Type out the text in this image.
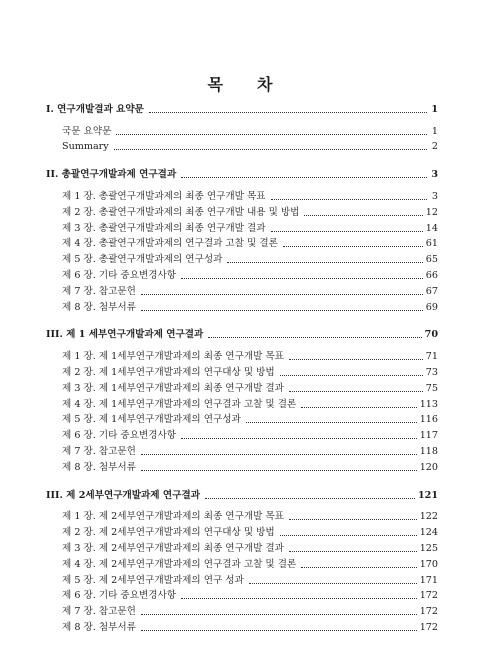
목 차
I. 연구개발결과 요약문	1
국문 요약문	1
Summary	2
II. 총괄연구개발과제 연구결과	3
제 1 장. 총괄연구개발과제의 최종 연구개발 목표	3
제 2 장. 총괄연구개발과제의 최종 연구개발 내용 및 방법	12
제 3 장. 총괄연구개발과제의 최종 연구개발 결과	14
제 4 장. 총괄연구개발과제의 연구결과 고찰 및 결론	61
제 5 장. 총괄연구개발과제의 연구성과	65
제 6 장. 기타 중요변경사항	66
제 7 장. 참고문헌	67
제 8 장. 첨부서류	69
III. 제 1 세부연구개발과제 연구결과	70
제 1 장. 제 1세부연구개발과제의 최종 연구개발 목표	71
제 2 장. 제 1세부연구개발과제의 연구대상 및 방법	73
제 3 장. 제 1세부연구개발과제의 최종 연구개발 결과	75
제 4 장. 제 1세부연구개발과제의 연구결과 고찰 및 결론	113
제 5 장. 제 1세부연구개발과제의 연구성과	116
제 6 장. 기타 중요변경사항	117
제 7 장. 참고문헌	118
제 8 장. 첨부서류	120
III. 제 2세부연구개발과제 연구결과	121
제 1 장. 제 2세부연구개발과제의 최종 연구개발 목표	122
제 2 장. 제 2세부연구개발과제의 연구대상 및 방법	124
제 3 장. 제 2세부연구개발과제의 최종 연구개발 결과	125
제 4 장. 제 2세부연구개발과제의 연구결과 고찰 및 결론	170
제 5 장. 제 2세부연구개발과제의 연구 성과	171
제 6 장. 기타 중요변경사항	172
제 7 장. 참고문헌	172
제 8 장. 첨부서류	172
